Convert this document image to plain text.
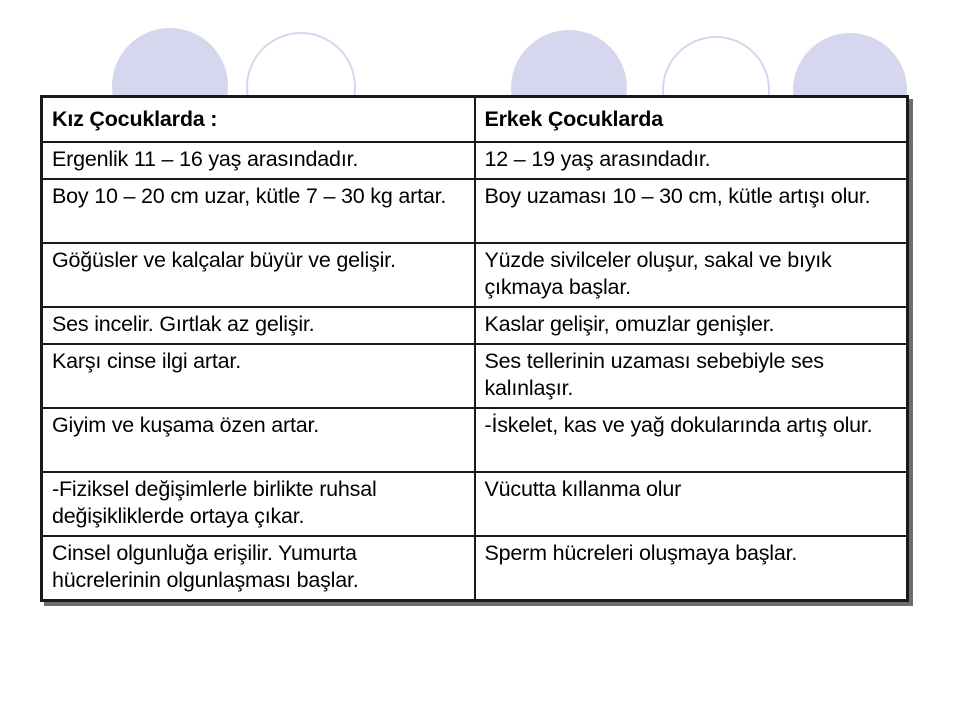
Kız Çocuklarda :	Erkek Çocuklarda
Ergenlik 11 – 16 yaş arasındadır.	12 – 19 yaş arasındadır.
Boy 10 – 20 cm uzar, kütle 7 – 30 kg artar.	Boy uzaması 10 – 30 cm, kütle artışı olur.
Göğüsler ve kalçalar büyür ve gelişir.	Yüzde sivilceler oluşur, sakal ve bıyık çıkmaya başlar.
Ses incelir. Gırtlak az gelişir.	Kaslar gelişir, omuzlar genişler.
Karşı cinse ilgi artar.	Ses tellerinin uzaması sebebiyle ses kalınlaşır.
Giyim ve kuşama özen artar.	-İskelet, kas ve yağ dokularında artış olur.
-Fiziksel değişimlerle birlikte ruhsal değişikliklerde ortaya çıkar.	Vücutta kıllanma olur
Cinsel olgunluğa erişilir. Yumurta hücrelerinin olgunlaşması başlar.	Sperm hücreleri oluşmaya başlar.
